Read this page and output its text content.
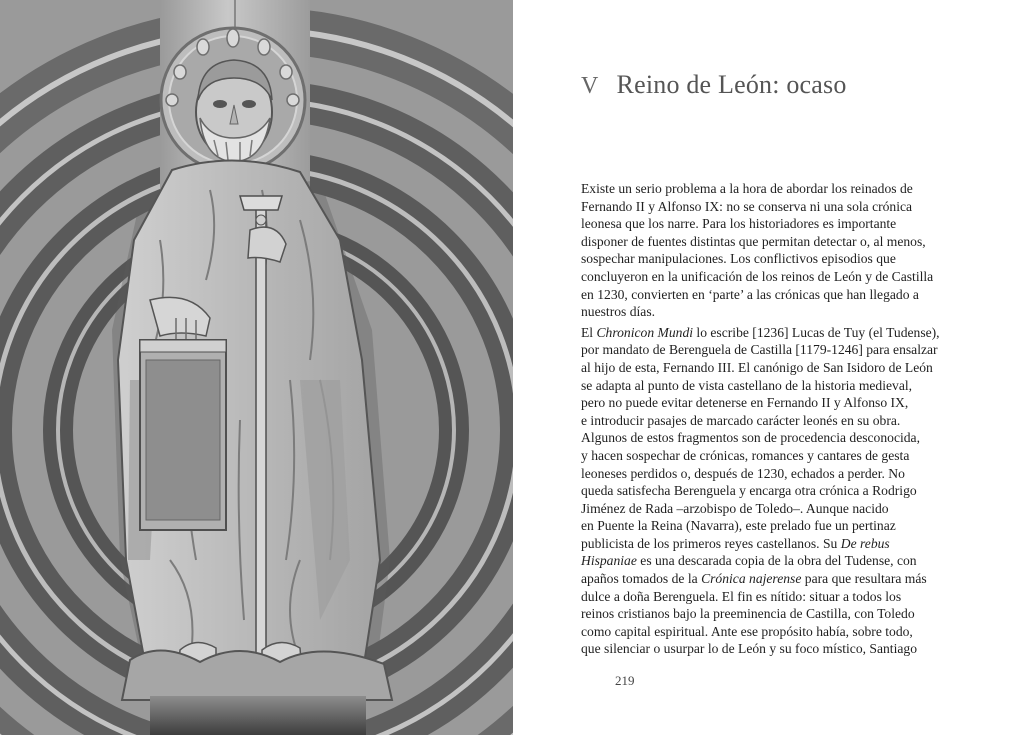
V Reino de León: ocaso
Existe un serio problema a la hora de abordar los reinados de
Fernando II y Alfonso IX: no se conserva ni una sola crónica
leonesa que los narre. Para los historiadores es importante
disponer de fuentes distintas que permitan detectar o, al menos,
sospechar manipulaciones. Los conflictivos episodios que
concluyeron en la unificación de los reinos de León y de Castilla
en 1230, convierten en ‘parte’ a las crónicas que han llegado a
nuestros días.
El Chronicon Mundi lo escribe [1236] Lucas de Tuy (el Tudense),
por mandato de Berenguela de Castilla [1179-1246] para ensalzar
al hijo de esta, Fernando III. El canónigo de San Isidoro de León
se adapta al punto de vista castellano de la historia medieval,
pero no puede evitar detenerse en Fernando II y Alfonso IX,
e introducir pasajes de marcado carácter leonés en su obra.
Algunos de estos fragmentos son de procedencia desconocida,
y hacen sospechar de crónicas, romances y cantares de gesta
leoneses perdidos o, después de 1230, echados a perder. No
queda satisfecha Berenguela y encarga otra crónica a Rodrigo
Jiménez de Rada –arzobispo de Toledo–. Aunque nacido
en Puente la Reina (Navarra), este prelado fue un pertinaz
publicista de los primeros reyes castellanos. Su De rebus
Hispaniae es una descarada copia de la obra del Tudense, con
apaños tomados de la Crónica najerense para que resultara más
dulce a doña Berenguela. El fin es nítido: situar a todos los
reinos cristianos bajo la preeminencia de Castilla, con Toledo
como capital espiritual. Ante ese propósito había, sobre todo,
que silenciar o usurpar lo de León y su foco místico, Santiago
219
